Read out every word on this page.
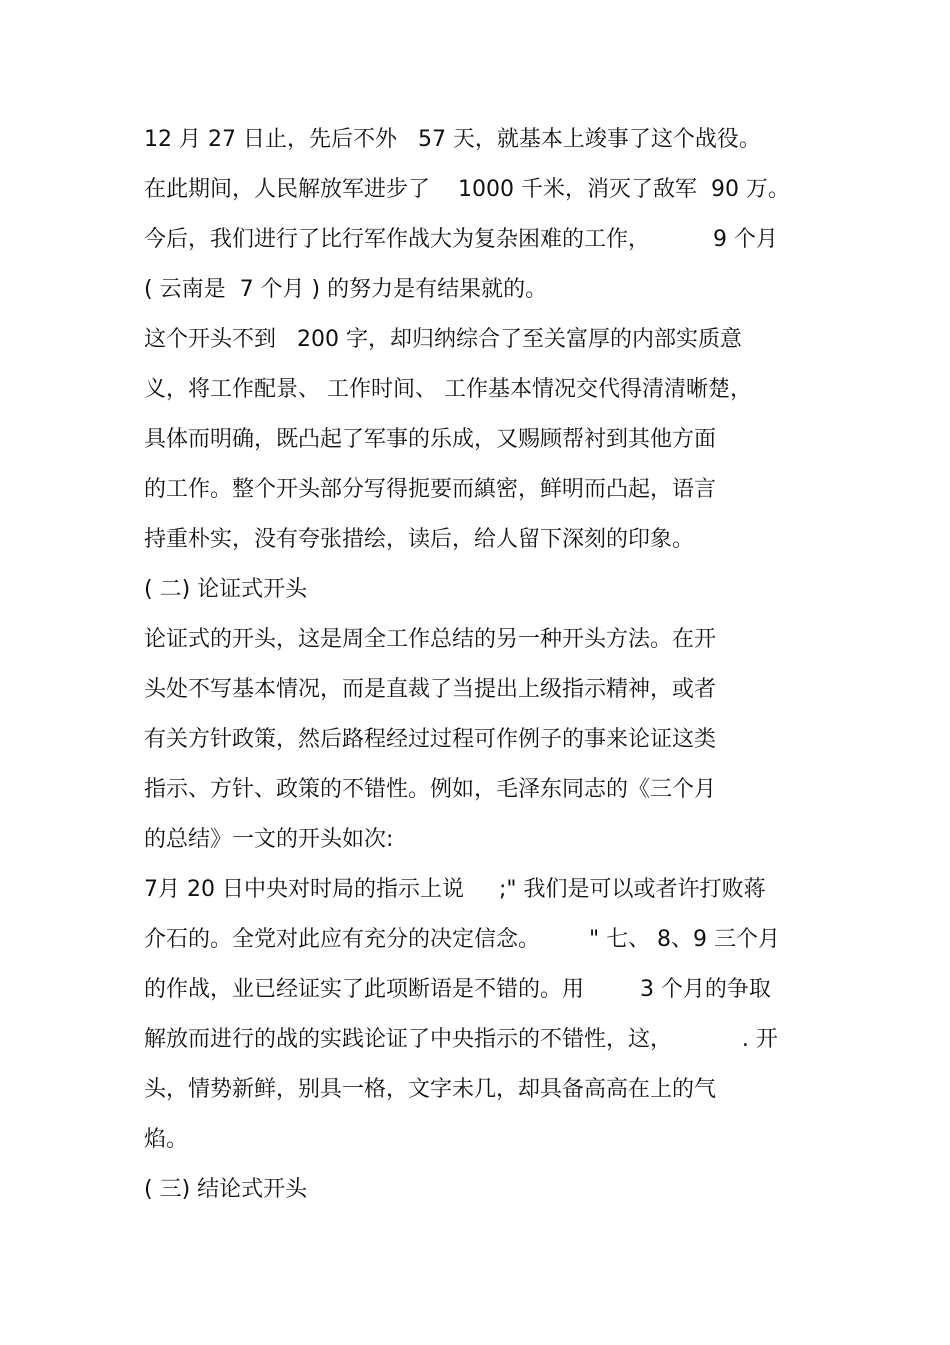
12 月 27 日止，先后不外   57 天，就基本上竣事了这个战役。
在此期间，人民解放军进步了    1000 千米，消灭了敌军  90 万。
今后，我们进行了比行军作战大为复杂困难的工作，         9 个月
( 云南是  7 个月 ) 的努力是有结果就的。
这个开头不到   200 字，却归纳综合了至关富厚的内部实质意
义，将工作配景、 工作时间、 工作基本情况交代得清清晰楚，
具体而明确，既凸起了军事的乐成，又赐顾帮衬到其他方面
的工作。整个开头部分写得扼要而縝密，鲜明而凸起，语言
持重朴实，没有夸张措绘，读后，给人留下深刻的印象。
( 二) 论证式开头
论证式的开头，这是周全工作总结的另一种开头方法。在开
头处不写基本情况，而是直裁了当提出上级指示精神，或者
有关方针政策，然后路程经过过程可作例子的事来论证这类
指示、方针、政策的不错性。例如，毛泽东同志的《三个月
的总结》一文的开头如次:
7月 20 日中央对时局的指示上说     ;" 我们是可以或者许打败蒋
介石的。全党对此应有充分的决定信念。       " 七、 8、9 三个月
的作战，业已经证实了此项断语是不错的。用        3 个月的争取
解放而进行的战的实践论证了中央指示的不错性，这，          . 开
头，情势新鲜，别具一格，文字未几，却具备高高在上的气
焰。
( 三) 结论式开头
